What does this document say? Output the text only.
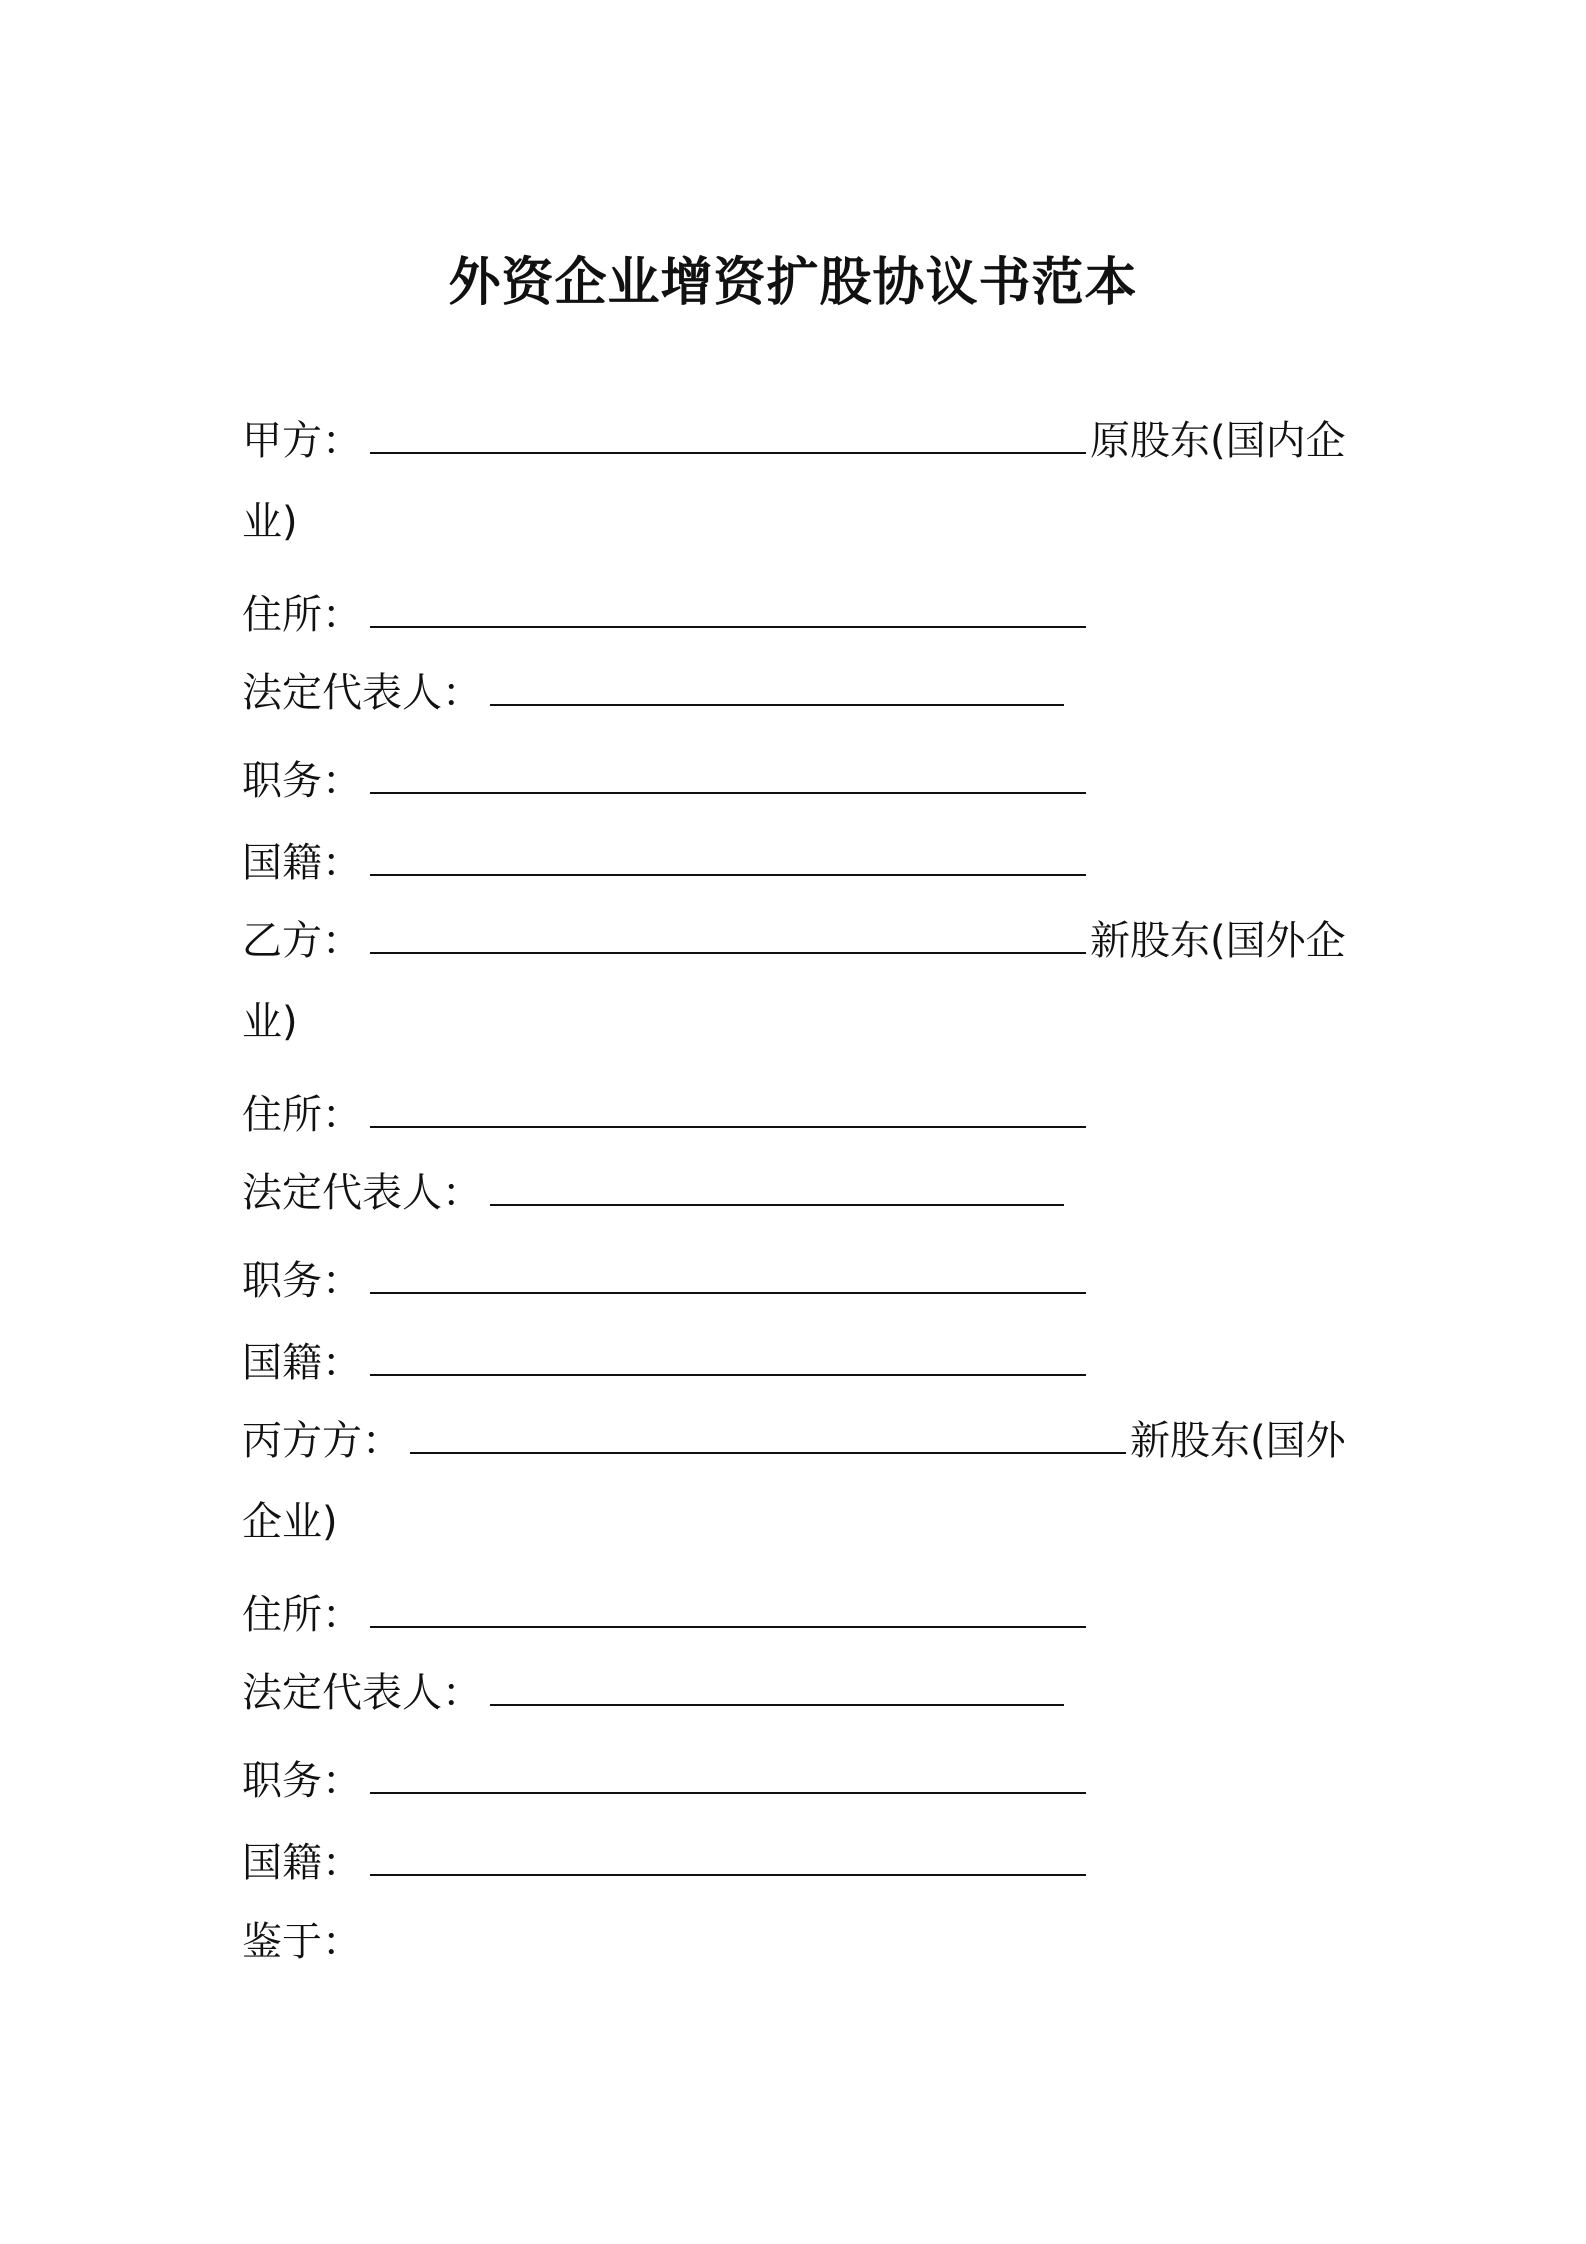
外资企业增资扩股协议书范本
甲方：	原股东(国内企
业)
住所：
法定代表人：
职务：
国籍：
乙方：	新股东(国外企
业)
住所：
法定代表人：
职务：
国籍：
丙方方：	新股东(国外
企业)
住所：
法定代表人：
职务：
国籍：
鉴于：
